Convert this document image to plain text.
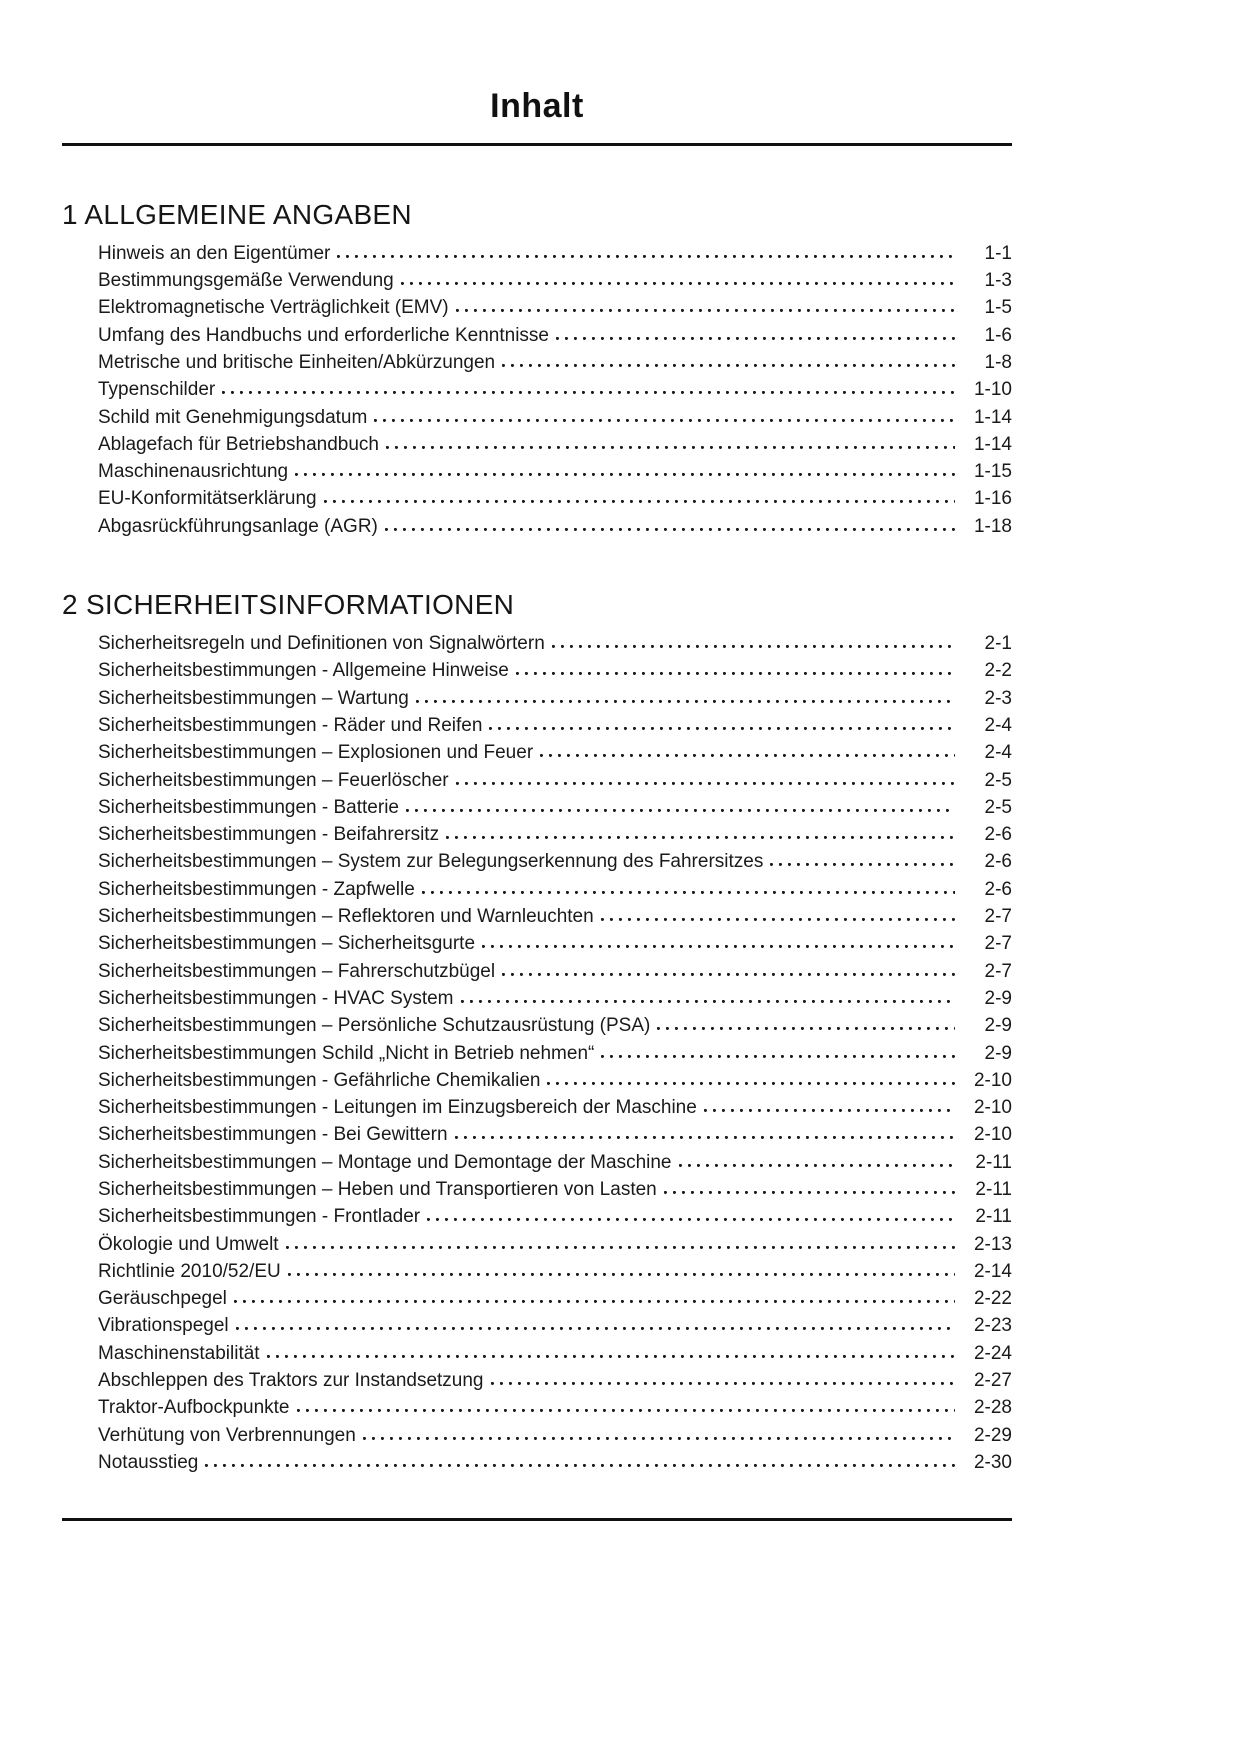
Inhalt
1 ALLGEMEINE ANGABEN
Hinweis an den Eigentümer	1-1
Bestimmungsgemäße Verwendung	1-3
Elektromagnetische Verträglichkeit (EMV)	1-5
Umfang des Handbuchs und erforderliche Kenntnisse	1-6
Metrische und britische Einheiten/Abkürzungen	1-8
Typenschilder	1-10
Schild mit Genehmigungsdatum	1-14
Ablagefach für Betriebshandbuch	1-14
Maschinenausrichtung	1-15
EU-Konformitätserklärung	1-16
Abgasrückführungsanlage (AGR)	1-18
2 SICHERHEITSINFORMATIONEN
Sicherheitsregeln und Definitionen von Signalwörtern	2-1
Sicherheitsbestimmungen - Allgemeine Hinweise	2-2
Sicherheitsbestimmungen – Wartung	2-3
Sicherheitsbestimmungen - Räder und Reifen	2-4
Sicherheitsbestimmungen – Explosionen und Feuer	2-4
Sicherheitsbestimmungen – Feuerlöscher	2-5
Sicherheitsbestimmungen - Batterie	2-5
Sicherheitsbestimmungen - Beifahrersitz	2-6
Sicherheitsbestimmungen – System zur Belegungserkennung des Fahrersitzes	2-6
Sicherheitsbestimmungen - Zapfwelle	2-6
Sicherheitsbestimmungen – Reflektoren und Warnleuchten	2-7
Sicherheitsbestimmungen – Sicherheitsgurte	2-7
Sicherheitsbestimmungen – Fahrerschutzbügel	2-7
Sicherheitsbestimmungen - HVAC System	2-9
Sicherheitsbestimmungen – Persönliche Schutzausrüstung (PSA)	2-9
Sicherheitsbestimmungen Schild „Nicht in Betrieb nehmen“	2-9
Sicherheitsbestimmungen - Gefährliche Chemikalien	2-10
Sicherheitsbestimmungen - Leitungen im Einzugsbereich der Maschine	2-10
Sicherheitsbestimmungen - Bei Gewittern	2-10
Sicherheitsbestimmungen – Montage und Demontage der Maschine	2-11
Sicherheitsbestimmungen – Heben und Transportieren von Lasten	2-11
Sicherheitsbestimmungen - Frontlader	2-11
Ökologie und Umwelt	2-13
Richtlinie 2010/52/EU	2-14
Geräuschpegel	2-22
Vibrationspegel	2-23
Maschinenstabilität	2-24
Abschleppen des Traktors zur Instandsetzung	2-27
Traktor-Aufbockpunkte	2-28
Verhütung von Verbrennungen	2-29
Notausstieg	2-30
